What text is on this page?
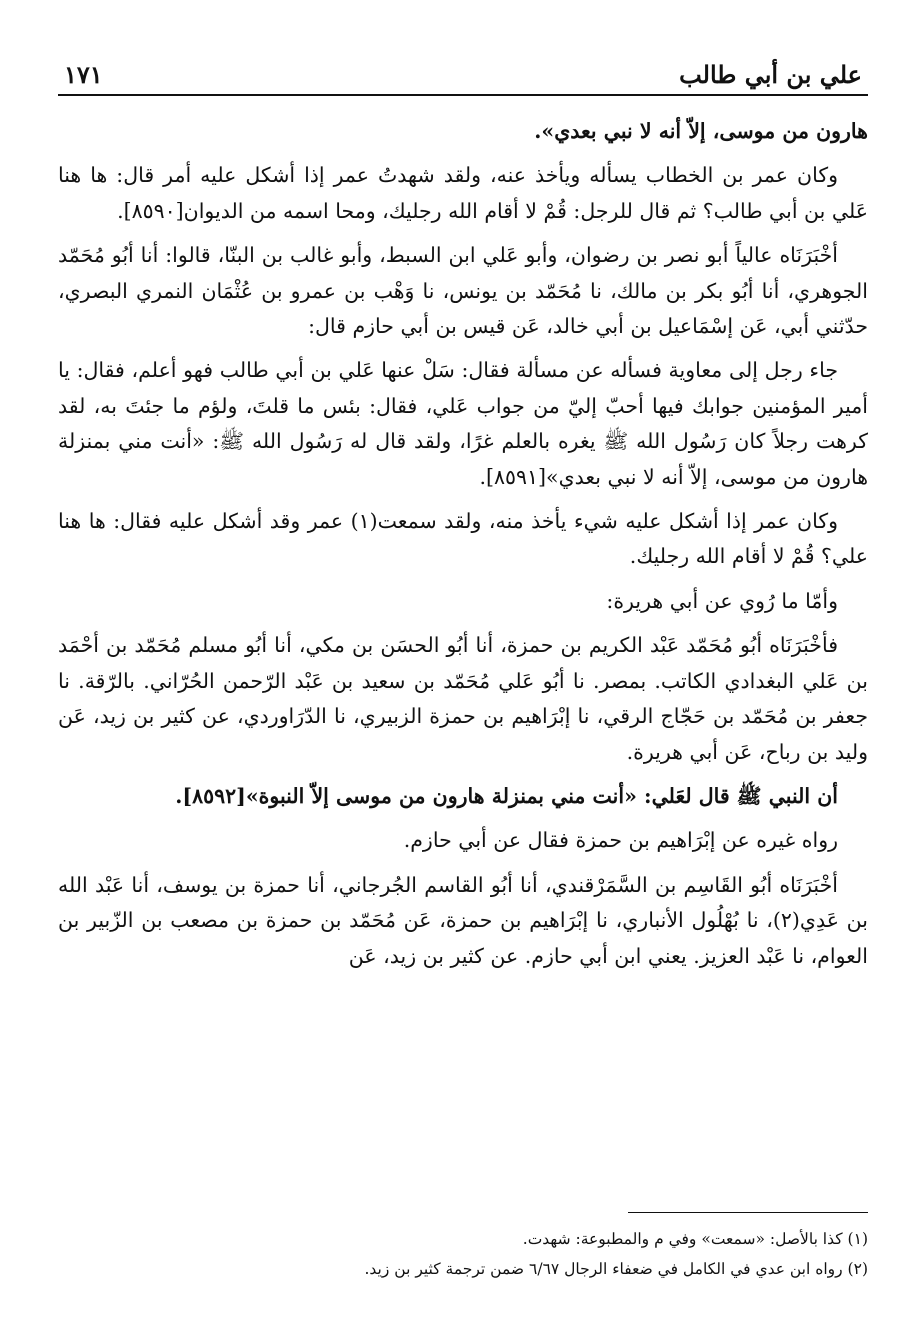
علي بن أبي طالب
١٧١

هارون من موسى، إلاّ أنه لا نبي بعدي».

وكان عمر بن الخطاب يسأله ويأخذ عنه، ولقد شهدتُ عمر إذا أشكل عليه أمر قال: ها هنا عَلي بن أبي طالب؟ ثم قال للرجل: قُمْ لا أقام الله رجليك، ومحا اسمه من الديوان[٨٥٩٠].

أخْبَرَنَاه عالياً أبو نصر بن رضوان، وأبو عَلي ابن السبط، وأبو غالب بن البنّا، قالوا: أنا أبُو مُحَمّد الجوهري، أنا أبُو بكر بن مالك، نا مُحَمّد بن يونس، نا وَهْب بن عمرو بن عُثْمَان النمري البصري، حدّثني أبي، عَن إسْمَاعيل بن أبي خالد، عَن قيس بن أبي حازم قال:

جاء رجل إلى معاوية فسأله عن مسألة فقال: سَلْ عنها عَلي بن أبي طالب فهو أعلم، فقال: يا أمير المؤمنين جوابك فيها أحبّ إليّ من جواب عَلي، فقال: بئس ما قلتَ، ولؤم ما جئتَ به، لقد كرهت رجلاً كان رَسُول الله ﷺ يغره بالعلم غرًا، ولقد قال له رَسُول الله ﷺ: «أنت مني بمنزلة هارون من موسى، إلاّ أنه لا نبي بعدي»[٨٥٩١].

وكان عمر إذا أشكل عليه شيء يأخذ منه، ولقد سمعت(١) عمر وقد أشكل عليه فقال: ها هنا علي؟ قُمْ لا أقام الله رجليك.

وأمّا ما رُوي عن أبي هريرة:

فأخْبَرَنَاه أبُو مُحَمّد عَبْد الكريم بن حمزة، أنا أبُو الحسَن بن مكي، أنا أبُو مسلم مُحَمّد بن أحْمَد بن عَلي البغدادي الكاتب. بمصر. نا أبُو عَلي مُحَمّد بن سعيد بن عَبْد الرّحمن الحُرّاني. بالرّقة. نا جعفر بن مُحَمّد بن حَجّاج الرقي، نا إبْرَاهيم بن حمزة الزبيري، نا الدّرَاوردي، عن كثير بن زيد، عَن وليد بن رباح، عَن أبي هريرة.

أن النبي ﷺ قال لعَلي: «أنت مني بمنزلة هارون من موسى إلاّ النبوة»[٨٥٩٢].

رواه غيره عن إبْرَاهيم بن حمزة فقال عن أبي حازم.

أخْبَرَنَاه أبُو القَاسِم بن السَّمَرْقندي، أنا أبُو القاسم الجُرجاني، أنا حمزة بن يوسف، أنا عَبْد الله بن عَدِي(٢)، نا بُهْلُول الأنباري، نا إبْرَاهيم بن حمزة، عَن مُحَمّد بن حمزة بن مصعب بن الزّبير بن العوام، نا عَبْد العزيز. يعني ابن أبي حازم. عن كثير بن زيد، عَن

(١) كذا بالأصل: «سمعت» وفي م والمطبوعة: شهدت.

(٢) رواه ابن عدي في الكامل في ضعفاء الرجال ٦/٦٧ ضمن ترجمة كثير بن زيد.
